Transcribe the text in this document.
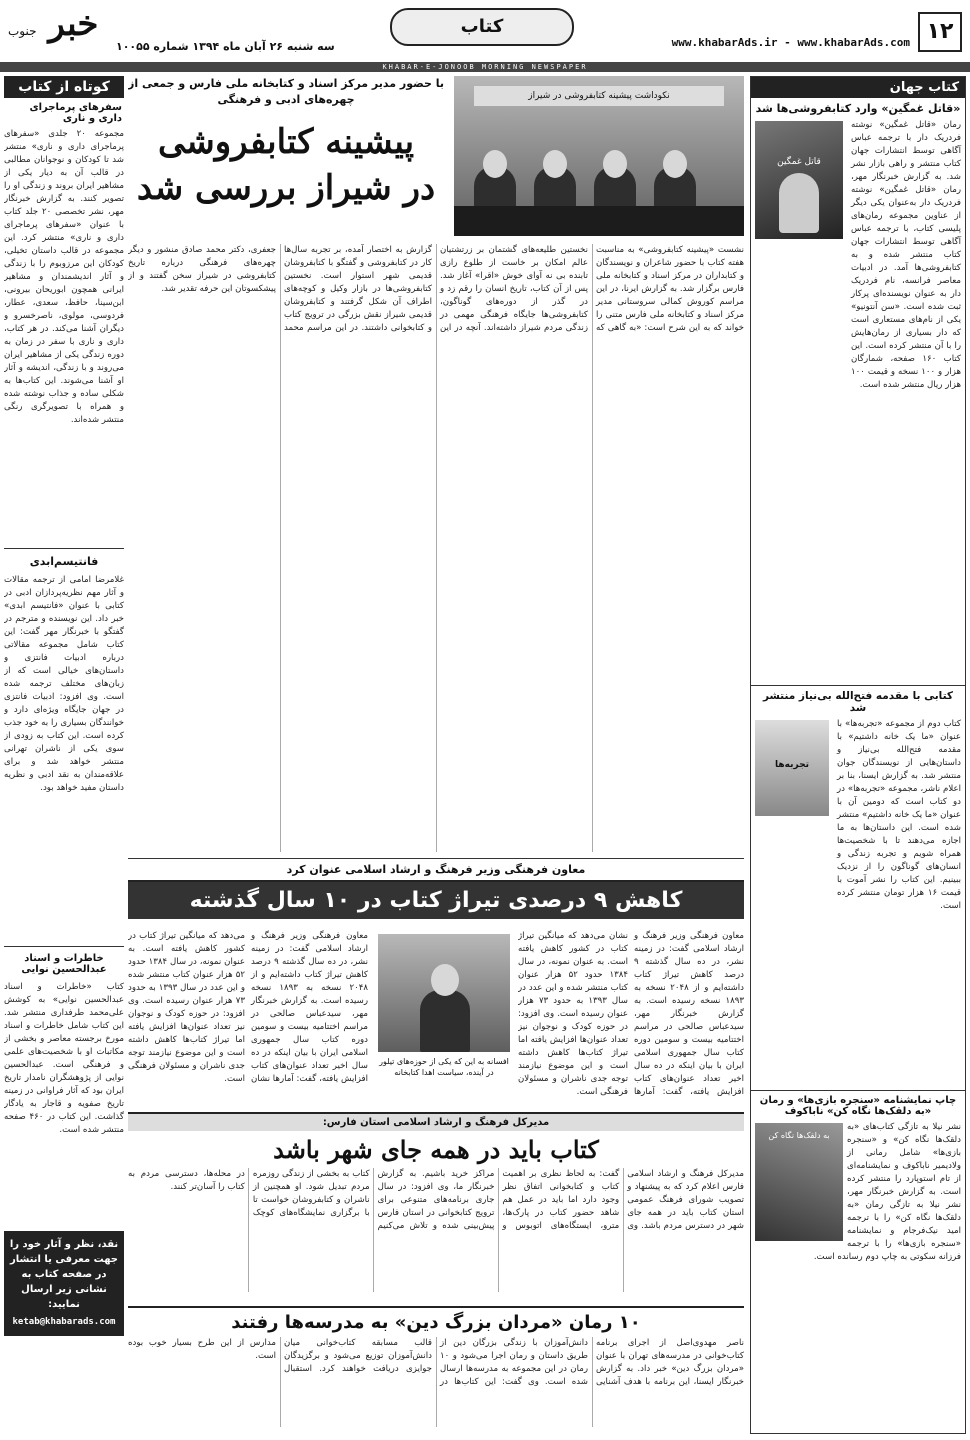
۱۲
www.khabarAds.ir - www.khabarAds.com
کتاب
خبر جنوب
سه شنبه ۲۶ آبان ماه ۱۳۹۴ شماره ۱۰۰۵۵
KHABAR-E-JONOOB MORNING NEWSPAPER
کتاب جهان
«قاتل غمگین» وارد کتابفروشی‌ها شد
قاتل غمگین

رمان «قاتل غمگین» نوشته فردریک دار با ترجمه عباس آگاهی توسط انتشارات جهان کتاب منتشر و راهی بازار نشر شد. به گزارش خبرنگار مهر، رمان «قاتل غمگین» نوشته فردریک دار به‌عنوان یکی دیگر از عناوین مجموعه رمان‌های پلیسی کتاب، با ترجمه عباس آگاهی توسط انتشارات جهان کتاب منتشر شده و به کتابفروشی‌ها آمد. در ادبیات معاصر فرانسه، نام فردریک دار به عنوان نویسنده‌ای پرکار ثبت شده است. «سن آنتونیو» یکی از نام‌های مستعاری است که دار بسیاری از رمان‌هایش را با آن منتشر کرده است. این کتاب ۱۶۰ صفحه، شمارگان هزار و ۱۰۰ نسخه و قیمت ۱۰۰ هزار ریال منتشر شده است.

کتابی با مقدمه فتح‌الله بی‌نیاز منتشر شد
تجربه‌ها

کتاب دوم از مجموعه «تجربه‌ها» با عنوان «ما یک خانه داشتیم» با مقدمه فتح‌الله بی‌نیاز و داستان‌هایی از نویسندگان جوان منتشر شد. به گزارش ایسنا، بنا بر اعلام ناشر، مجموعه «تجربه‌ها» در دو کتاب است که دومین آن با عنوان «ما یک خانه داشتیم» منتشر شده است. این داستان‌ها به ما اجازه می‌دهند تا با شخصیت‌ها همراه شویم و تجربه زندگی و انسان‌های گوناگون را از نزدیک ببینیم. این کتاب را نشر آموت با قیمت ۱۶ هزار تومان منتشر کرده است.

چاپ نمایشنامه «سنجره بازی‌ها» و رمان «به دلقک‌ها نگاه کن» ناباکوف
به دلقک‌ها نگاه کن

نشر نیلا به تازگی کتاب‌های «به دلقک‌ها نگاه کن» و «سنجره بازی‌ها» شامل رمانی از ولادیمیر ناباکوف و نمایشنامه‌ای از تام استوپارد را منتشر کرده است. به گزارش خبرنگار مهر، نشر نیلا به تازگی رمان «به دلقک‌ها نگاه کن» را با ترجمه امید نیک‌فرجام و نمایشنامه «سنجره بازی‌ها» را با ترجمه فرزانه سکوتی به چاپ دوم رسانده است.

کوتاه از کتاب
سفرهای پرماجرای داری و ناری

مجموعه ۲۰ جلدی «سفرهای پرماجرای داری و ناری» منتشر شد تا کودکان و نوجوانان مطالبی در قالب آن به دیار یکی از مشاهیر ایران بروند و زندگی او را تصویر کنند. به گزارش خبرنگار مهر، نشر تخصصی ۲۰ جلد کتاب با عنوان «سفرهای پرماجرای داری و ناری» منتشر کرد. این مجموعه در قالب داستان تخیلی، کودکان این مرزوبوم را با زندگی و آثار اندیشمندان و مشاهیر ایرانی همچون ابوریحان بیرونی، ابن‌سینا، حافظ، سعدی، عطار، فردوسی، مولوی، ناصرخسرو و دیگران آشنا می‌کند. در هر کتاب، داری و ناری با سفر در زمان به دوره زندگی یکی از مشاهیر ایران می‌روند و با زندگی، اندیشه و آثار او آشنا می‌شوند. این کتاب‌ها به شکلی ساده و جذاب نوشته شده و همراه با تصویرگری رنگی منتشر شده‌اند.

فانتیسم‌ابدی

غلامرضا امامی از ترجمه مقالات و آثار مهم نظریه‌پردازان ادبی در کتابی با عنوان «فانتیسم ابدی» خبر داد. این نویسنده و مترجم در گفتگو با خبرنگار مهر گفت: این کتاب شامل مجموعه مقالاتی درباره ادبیات فانتزی و داستان‌های خیالی است که از زبان‌های مختلف ترجمه شده است. وی افزود: ادبیات فانتزی در جهان جایگاه ویژه‌ای دارد و خوانندگان بسیاری را به خود جذب کرده است. این کتاب به زودی از سوی یکی از ناشران تهرانی منتشر خواهد شد و برای علاقه‌مندان به نقد ادبی و نظریه داستان مفید خواهد بود.

خاطرات و اسناد عبدالحسین نوایی

کتاب «خاطرات و اسناد عبدالحسین نوایی» به کوشش علی‌محمد طرفداری منتشر شد. این کتاب شامل خاطرات و اسناد مورخ برجسته معاصر و بخشی از مکاتبات او با شخصیت‌های علمی و فرهنگی است. عبدالحسین نوایی از پژوهشگران نامدار تاریخ ایران بود که آثار فراوانی در زمینه تاریخ صفویه و قاجار به یادگار گذاشت. این کتاب در ۴۶۰ صفحه منتشر شده است.

نقد، نظر و آثار خود را جهت معرفی یا انتشار در صفحه کتاب به نشانی زیر ارسال نمایید:
ketab@khabarads.com
نکوداشت پیشینه کتابفروشی در شیراز
با حضور مدیر مرکز اسناد و کتابخانه ملی فارس و جمعی از چهره‌های ادبی و فرهنگی
پیشینه کتابفروشی
در شیراز بررسی شد

نشست «پیشینه کتابفروشی» به مناسبت هفته کتاب با حضور شاعران و نویسندگان و کتابداران در مرکز اسناد و کتابخانه ملی فارس برگزار شد. به گزارش ایرنا، در این مراسم کوروش کمالی سروستانی مدیر مرکز اسناد و کتابخانه ملی فارس متنی را خواند که به این شرح است: «به گاهی که نخستین طلیعه‌های گشتمان بر زرتشتیان عالم امکان بر خاست از طلوع رازی تابنده بی نه آوای خوش «اقرا» آغاز شد. پس از آن کتاب، تاریخ انسان را رقم زد و در گذر از دوره‌های گوناگون، کتابفروشی‌ها جایگاه فرهنگی مهمی در زندگی مردم شیراز داشته‌اند. آنچه در این گزارش به اختصار آمده، بر تجربه سال‌ها کار در کتابفروشی و گفتگو با کتابفروشان قدیمی شهر استوار است. نخستین کتابفروشی‌ها در بازار وکیل و کوچه‌های اطراف آن شکل گرفتند و کتابفروشان قدیمی شیراز نقش بزرگی در ترویج کتاب و کتابخوانی داشتند. در این مراسم محمد جعفری، دکتر محمد صادق منشور و دیگر چهره‌های فرهنگی درباره تاریخ کتابفروشی در شیراز سخن گفتند و از پیشکسوتان این حرفه تقدیر شد.

معاون فرهنگی وزیر فرهنگ و ارشاد اسلامی عنوان کرد
کاهش ۹ درصدی تیراژ کتاب در ۱۰ سال گذشته

معاون فرهنگی وزیر فرهنگ و ارشاد اسلامی گفت: در زمینه نشر، در ده سال گذشته ۹ درصد کاهش تیراژ کتاب داشته‌ایم و از ۲۰۴۸ نسخه به ۱۸۹۳ نسخه رسیده است. به گزارش خبرنگار مهر، سیدعباس صالحی در مراسم اختتامیه بیست و سومین دوره کتاب سال جمهوری اسلامی ایران با بیان اینکه در ده سال اخیر تعداد عنوان‌های کتاب افزایش یافته، گفت: آمارها نشان می‌دهد که میانگین تیراژ کتاب در کشور کاهش یافته است. به عنوان نمونه، در سال ۱۳۸۴ حدود ۵۲ هزار عنوان کتاب منتشر شده و این عدد در سال ۱۳۹۳ به حدود ۷۳ هزار عنوان رسیده است. وی افزود: در حوزه کودک و نوجوان نیز تعداد عنوان‌ها افزایش یافته اما تیراژ کتاب‌ها کاهش داشته است و این موضوع نیازمند توجه جدی ناشران و مسئولان فرهنگی است.

افسانه به این که یکی از حوزه‌های تیلور در آینده، سیاست اهدا کتابخانه

معاون فرهنگی وزیر فرهنگ و ارشاد اسلامی گفت: در زمینه نشر، در ده سال گذشته ۹ درصد کاهش تیراژ کتاب داشته‌ایم و از ۲۰۴۸ نسخه به ۱۸۹۳ نسخه رسیده است. به گزارش خبرنگار مهر، سیدعباس صالحی در مراسم اختتامیه بیست و سومین دوره کتاب سال جمهوری اسلامی ایران با بیان اینکه در ده سال اخیر تعداد عنوان‌های کتاب افزایش یافته، گفت: آمارها نشان می‌دهد که میانگین تیراژ کتاب در کشور کاهش یافته است. به عنوان نمونه، در سال ۱۳۸۴ حدود ۵۲ هزار عنوان کتاب منتشر شده و این عدد در سال ۱۳۹۳ به حدود ۷۳ هزار عنوان رسیده است. وی افزود: در حوزه کودک و نوجوان نیز تعداد عنوان‌ها افزایش یافته اما تیراژ کتاب‌ها کاهش داشته است و این موضوع نیازمند توجه جدی ناشران و مسئولان فرهنگی است.

مدیرکل فرهنگ و ارشاد اسلامی استان فارس:
کتاب باید در همه جای شهر باشد

مدیرکل فرهنگ و ارشاد اسلامی فارس اعلام کرد که به پیشنهاد و تصویب شورای فرهنگ عمومی استان کتاب باید در همه جای شهر در دسترس مردم باشد. وی گفت: به لحاظ نظری بر اهمیت کتاب و کتابخوانی اتفاق نظر وجود دارد اما باید در عمل هم شاهد حضور کتاب در پارک‌ها، مترو، ایستگاه‌های اتوبوس و مراکز خرید باشیم. به گزارش خبرنگار ما، وی افزود: در سال جاری برنامه‌های متنوعی برای ترویج کتابخوانی در استان فارس پیش‌بینی شده و تلاش می‌کنیم کتاب به بخشی از زندگی روزمره مردم تبدیل شود. او همچنین از ناشران و کتابفروشان خواست تا با برگزاری نمایشگاه‌های کوچک در محله‌ها، دسترسی مردم به کتاب را آسان‌تر کنند.

۱۰ رمان «مردان بزرگ دین» به مدرسه‌ها رفتند

ناصر مهدوی‌اصل از اجرای برنامه کتاب‌خوانی در مدرسه‌های تهران با عنوان «مردان بزرگ دین» خبر داد. به گزارش خبرنگار ایسنا، این برنامه با هدف آشنایی دانش‌آموزان با زندگی بزرگان دین از طریق داستان و رمان اجرا می‌شود و ۱۰ رمان در این مجموعه به مدرسه‌ها ارسال شده است. وی گفت: این کتاب‌ها در قالب مسابقه کتاب‌خوانی میان دانش‌آموزان توزیع می‌شود و برگزیدگان جوایزی دریافت خواهند کرد. استقبال مدارس از این طرح بسیار خوب بوده است.
